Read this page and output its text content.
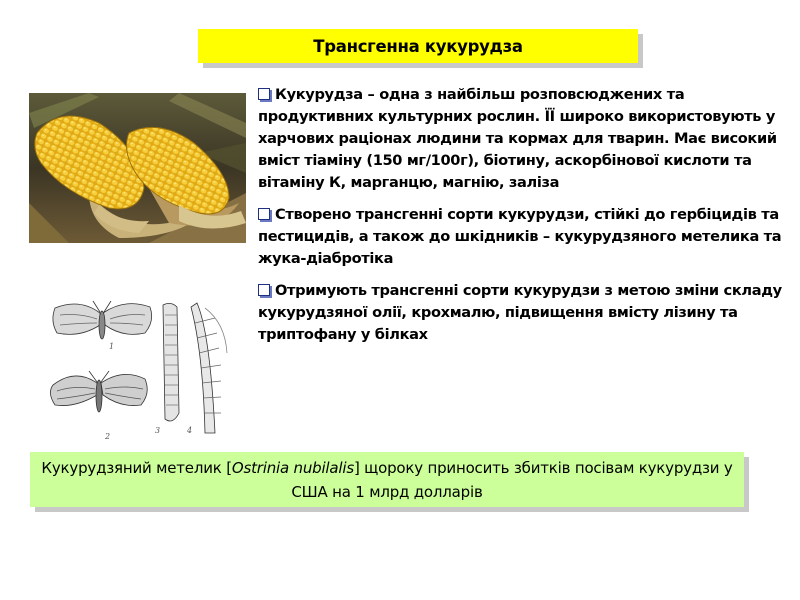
Трансгенна кукурудза
Кукурудза – одна з найбільш розповсюджених та продуктивних культурних рослин. ЇЇ широко використовують у харчових раціонах людини та кормах для тварин. Має високий вміст тіаміну (150 мг/100г), біотину, аскорбінової кислоти та вітаміну К, марганцю, магнію, заліза
Створено трансгенні сорти кукурудзи, стійкі до гербіцидів та пестицидів, а також до шкідників – кукурудзяного метелика та жука-діабротіка
Отримують трансгенні сорти кукурудзи з метою зміни складу кукурудзяної олії, крохмалю, підвищення вмісту лізину та триптофану у білках
2
1
3	4
Кукурудзяний метелик [Ostrinia nubilalis] щороку приносить збитків посівам кукурудзи у США на 1 млрд долларів
